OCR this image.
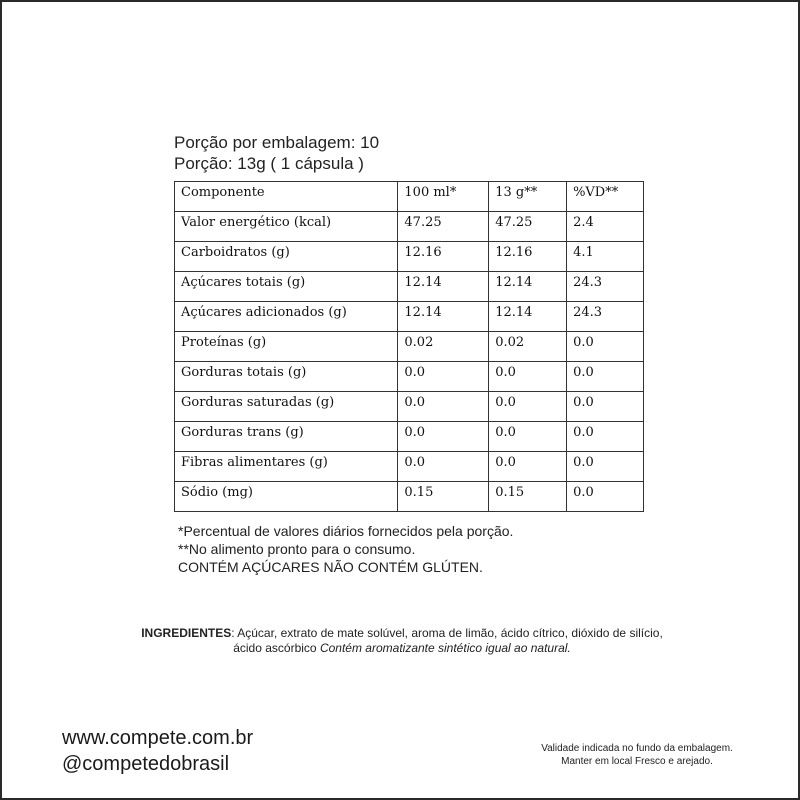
Porção por embalagem: 10
Porção: 13g ( 1 cápsula )
Componente	100 ml*	13 g**	%VD**
Valor energético (kcal)	47.25	47.25	2.4
Carboidratos (g)	12.16	12.16	4.1
Açúcares totais (g)	12.14	12.14	24.3
Açúcares adicionados (g)	12.14	12.14	24.3
Proteínas (g)	0.02	0.02	0.0
Gorduras totais (g)	0.0	0.0	0.0
Gorduras saturadas (g)	0.0	0.0	0.0
Gorduras trans (g)	0.0	0.0	0.0
Fibras alimentares (g)	0.0	0.0	0.0
Sódio (mg)	0.15	0.15	0.0
*Percentual de valores diários fornecidos pela porção.
**No alimento pronto para o consumo.
CONTÉM AÇÚCARES NÃO CONTÉM GLÚTEN.
INGREDIENTES: Açúcar, extrato de mate solúvel, aroma de limão, ácido cítrico, dióxido de silício,
ácido ascórbico Contém aromatizante sintético igual ao natural.
www.compete.com.br
@competedobrasil
Validade indicada no fundo da embalagem.
Manter em local Fresco e arejado.
